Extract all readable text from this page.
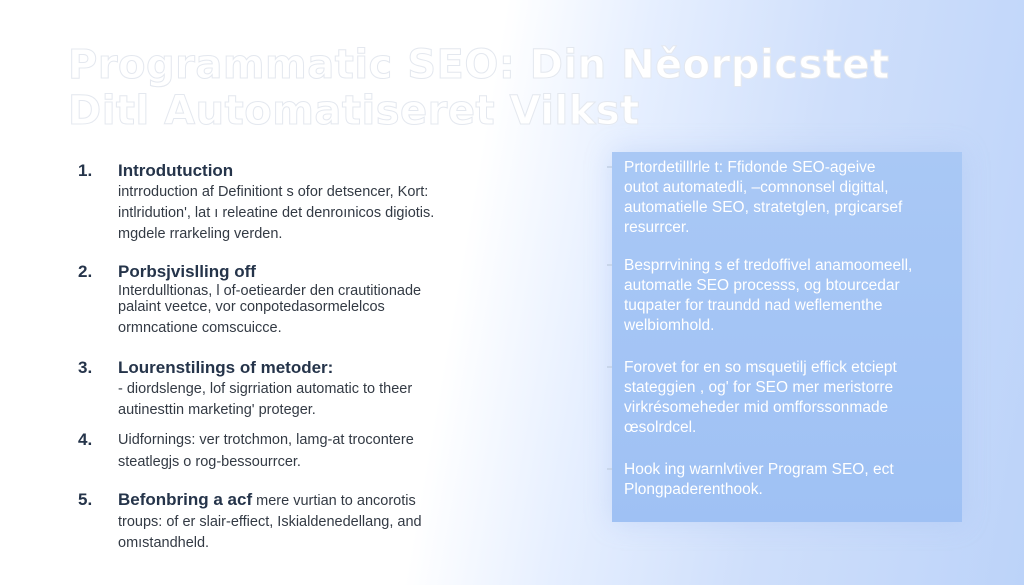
Programmatic SEO: Din Něorpicstet
Ditl Automatiseret Vilkst
1. Introdutuction
intrroduction af Definitiont s ofor detsencer, Kort:
intlridution', lat ı releatine det denroınicos digiotis.
mgdele rrarkeling verden.
2. Porbsjvislling off
Interdulltionas, l of-oetiearder den crautitionade
palaint veetce, vor conpotedasormelelcos
ormncatione comscuicce.
3. Lourenstilings of metoder:
- diordslenge, lof sigrriation automatic to theer
autinesttin marketing' proteger.
4. Uidfornings: ver trotchmon, lamg-at trocontere
steatlegjs o rog-bessourrcer.
5. Befonbring a acf mere vurtian to ancorotis
troups: of er slair-effiect, Iskialdenedellang, and
omıstandheld.
Prtordetilllrle t: Ffidonde SEO-ageive
outot automatedli, –comnonsel digittal,
automatielle SEO, stratetglen, prgicarsef
resurrcer.
Besprrvining s ef tredoffivel anamoomeell,
automatle SEO processs, og btourcedar
tuqpater for traundd nad weflementhe
welbiomhold.
Forovet for en so msquetilj effick etciept
stateggien , og' for SEO mer meristorre
virkrésomeheder mid omfforssonmade
œsolrdcel.
Hook ing warnlvtiver Program SEO, ect
Plongpaderenthook.
